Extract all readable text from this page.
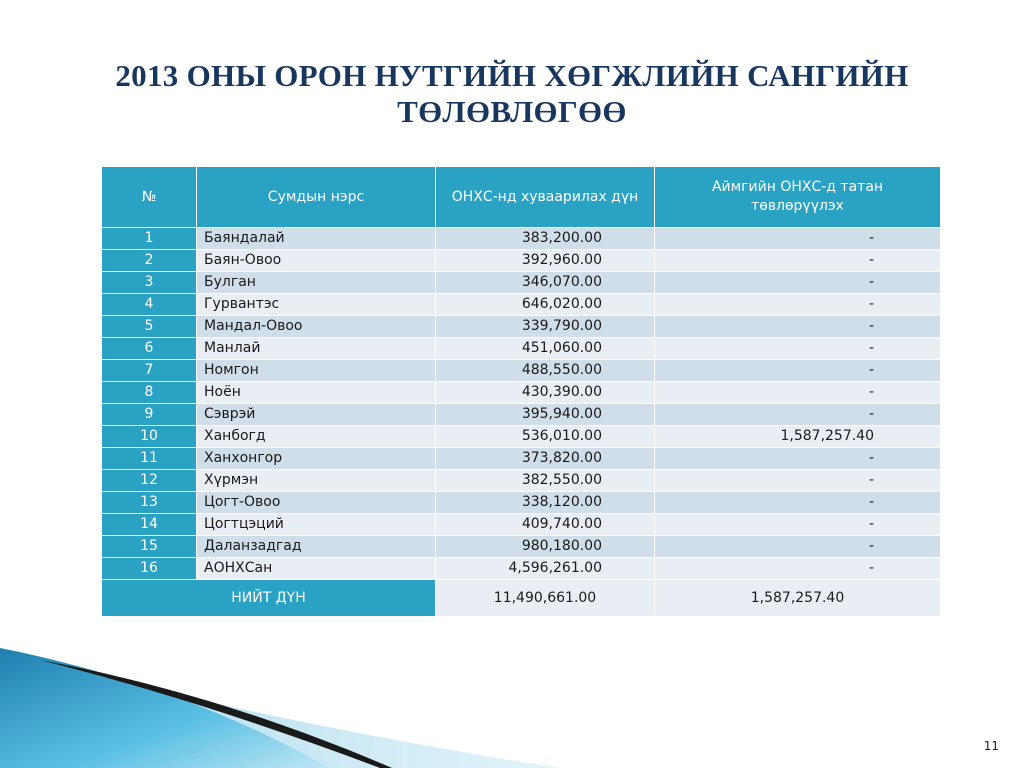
2013 ОНЫ ОРОН НУТГИЙН ХӨГЖЛИЙН САНГИЙН
ТӨЛӨВЛӨГӨӨ
№	Сумдын нэрс	ОНХС-нд хуваарилах дүн	Аймгийн ОНХС-д татан төвлөрүүлэх
1	Баяндалай	383,200.00	-
2	Баян-Овоо	392,960.00	-
3	Булган	346,070.00	-
4	Гурвантэс	646,020.00	-
5	Мандал-Овоо	339,790.00	-
6	Манлай	451,060.00	-
7	Номгон	488,550.00	-
8	Ноён	430,390.00	-
9	Сэврэй	395,940.00	-
10	Ханбогд	536,010.00	1,587,257.40
11	Ханхонгор	373,820.00	-
12	Хүрмэн	382,550.00	-
13	Цогт-Овоо	338,120.00	-
14	Цогтцэций	409,740.00	-
15	Даланзадгад	980,180.00	-
16	АОНХСан	4,596,261.00	-
НИЙТ ДҮН		11,490,661.00	1,587,257.40
11
